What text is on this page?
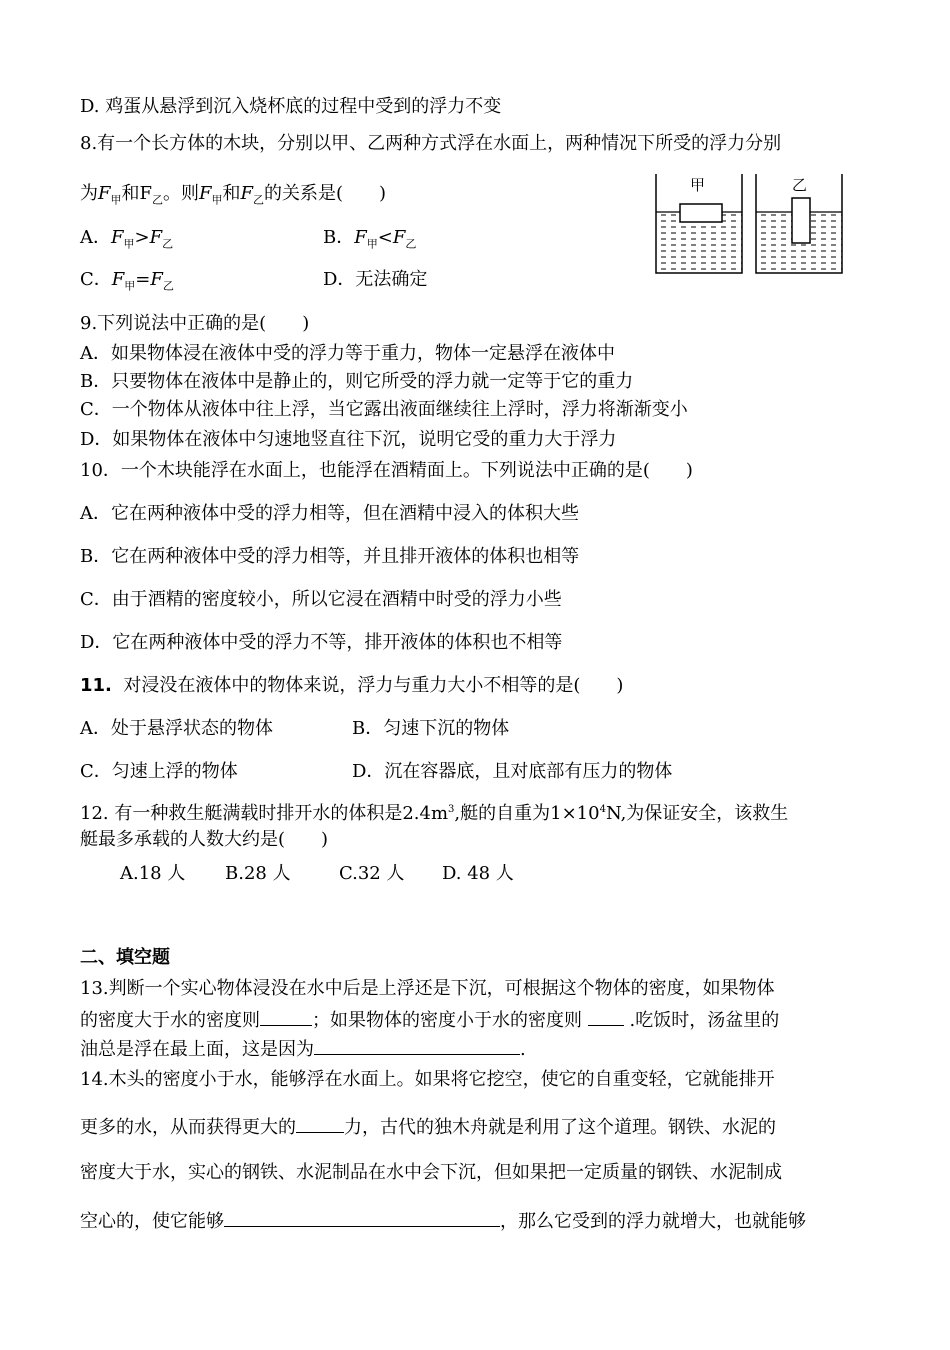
D. 鸡蛋从悬浮到沉入烧杯底的过程中受到的浮力不变
8.有一个长方体的木块，分别以甲、乙两种方式浮在水面上，两种情况下所受的浮力分别
为$F_甲$和$F_乙$。则$F_甲$和$F_乙$的关系是(　　)
A．$F_甲>F_乙$	B．$F_甲<F_乙$
C．$F_甲=F_乙$	D．无法确定
甲	乙
9.下列说法中正确的是(　　)
A．如果物体浸在液体中受的浮力等于重力，物体一定悬浮在液体中
B．只要物体在液体中是静止的，则它所受的浮力就一定等于它的重力
C．一个物体从液体中往上浮，当它露出液面继续往上浮时，浮力将渐渐变小
D．如果物体在液体中匀速地竖直往下沉，说明它受的重力大于浮力
10．一个木块能浮在水面上，也能浮在酒精面上。下列说法中正确的是(　　)
A．它在两种液体中受的浮力相等，但在酒精中浸入的体积大些
B．它在两种液体中受的浮力相等，并且排开液体的体积也相等
C．由于酒精的密度较小，所以它浸在酒精中时受的浮力小些
D．它在两种液体中受的浮力不等，排开液体的体积也不相等
11. 对浸没在液体中的物体来说，浮力与重力大小不相等的是(　　)
A．处于悬浮状态的物体	B．匀速下沉的物体
C．匀速上浮的物体	D．沉在容器底，且对底部有压力的物体
12. 有一种救生艇满载时排开水的体积是$2.4m^3$,艇的自重为$1\times 10^4N$,为保证安全，该救生
艇最多承载的人数大约是(　　)
A.18 人 B.28 人	C.32 人 D. 48 人
二、填空题
13.判断一个实心物体浸没在水中后是上浮还是下沉，可根据这个物体的密度，如果物体
的密度大于水的密度则	；如果物体的密度小于水的密度则	.吃饭时，汤盆里的
油总是浮在最上面，这是因为	.
14.木头的密度小于水，能够浮在水面上。如果将它挖空，使它的自重变轻，它就能排开
更多的水，从而获得更大的	力，古代的独木舟就是利用了这个道理。钢铁、水泥的
密度大于水，实心的钢铁、水泥制品在水中会下沉，但如果把一定质量的钢铁、水泥制成
空心的，使它能够	，那么它受到的浮力就增大，也就能够
